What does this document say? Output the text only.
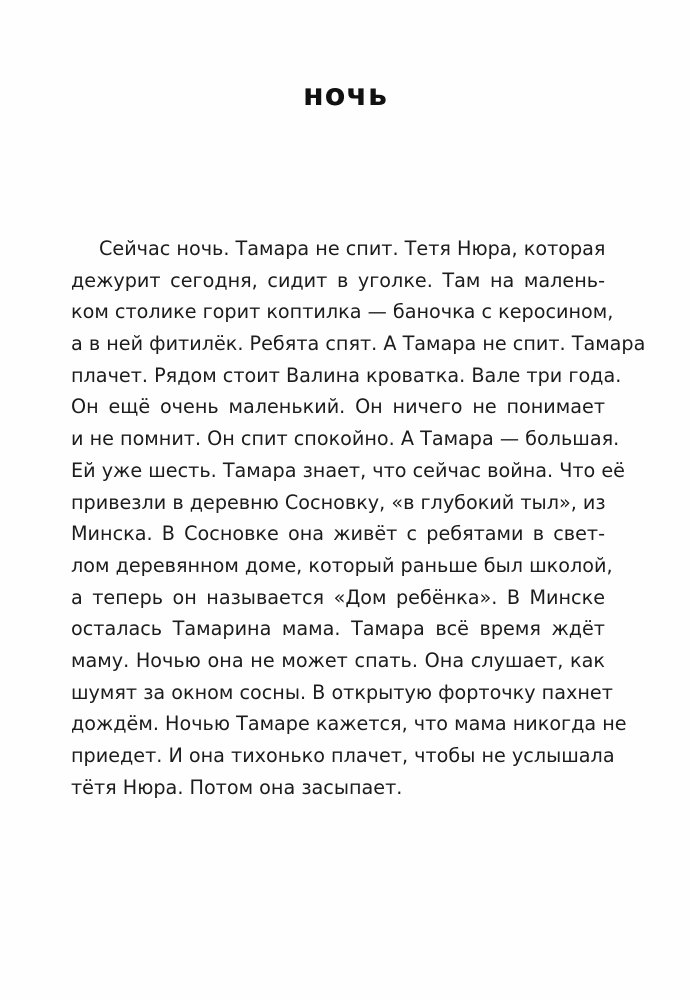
ночь
Сейчас ночь. Тамара не спит. Тетя Нюра, которая
дежурит сегодня, сидит в уголке. Там на малень-
ком столике горит коптилка — баночка с керосином,
а в ней фитилёк. Ребята спят. А Тамара не спит. Тамара
плачет. Рядом стоит Валина кроватка. Вале три года.
Он ещё очень маленький. Он ничего не понимает
и не помнит. Он спит спокойно. А Тамара — большая.
Ей уже шесть. Тамара знает, что сейчас война. Что её
привезли в деревню Сосновку, «в глубокий тыл», из
Минска. В Сосновке она живёт с ребятами в свет-
лом деревянном доме, который раньше был школой,
а теперь он называется «Дом ребёнка». В Минске
осталась Тамарина мама. Тамара всё время ждёт
маму. Ночью она не может спать. Она слушает, как
шумят за окном сосны. В открытую форточку пахнет
дождём. Ночью Тамаре кажется, что мама никогда не
приедет. И она тихонько плачет, чтобы не услышала
тётя Нюра. Потом она засыпает.
